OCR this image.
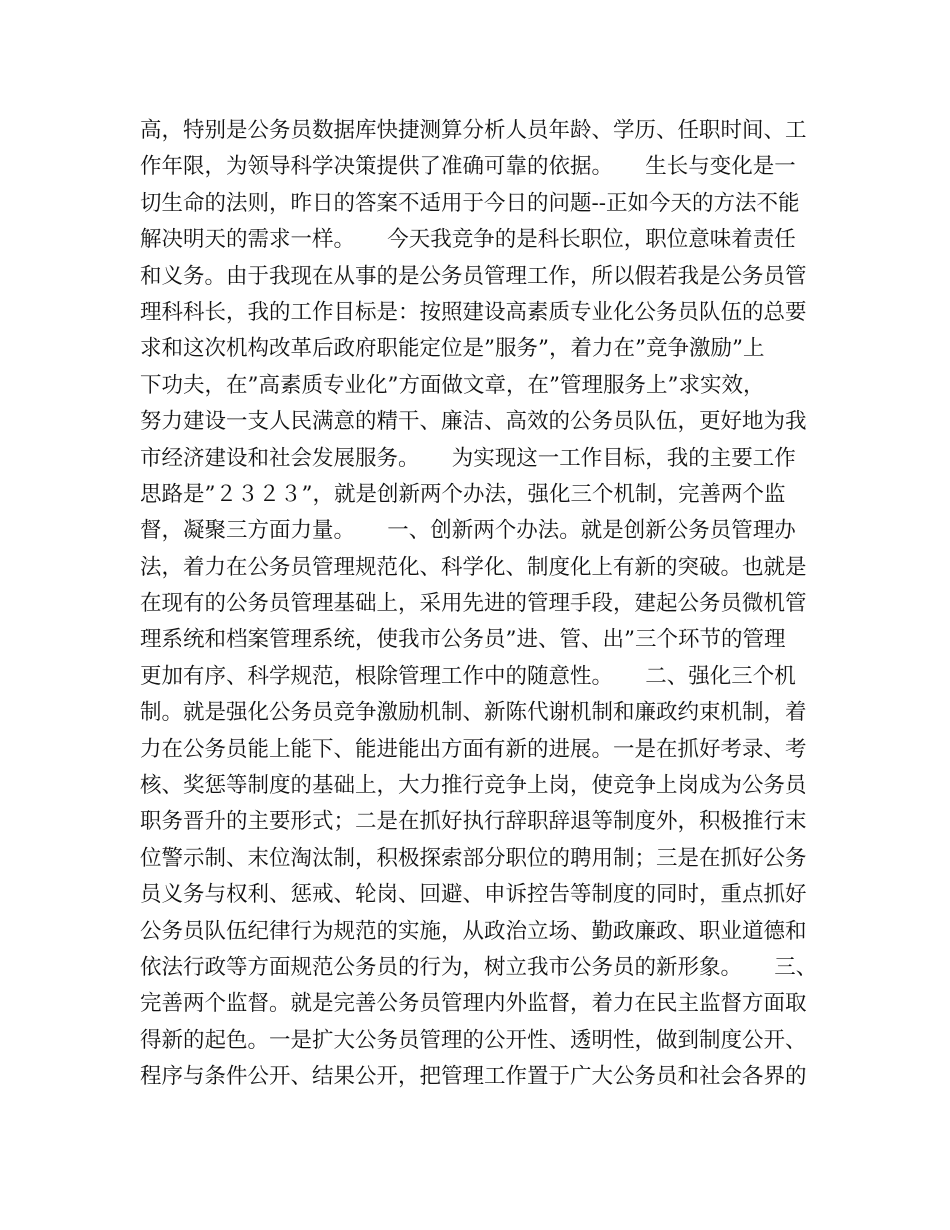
高，特别是公务员数据库快捷测算分析人员年龄、学历、任职时间、工
作年限，为领导科学决策提供了准确可靠的依据。　　生长与变化是一
切生命的法则，昨日的答案不适用于今日的问题--正如今天的方法不能
解决明天的需求一样。　　今天我竞争的是科长职位，职位意味着责任
和义务。由于我现在从事的是公务员管理工作，所以假若我是公务员管
理科科长，我的工作目标是：按照建设高素质专业化公务员队伍的总要
求和这次机构改革后政府职能定位是”服务”，着力在”竞争激励”上
下功夫，在”高素质专业化”方面做文章，在”管理服务上”求实效，
努力建设一支人民满意的精干、廉洁、高效的公务员队伍，更好地为我
市经济建设和社会发展服务。　　为实现这一工作目标，我的主要工作
思路是”２３２３”，就是创新两个办法，强化三个机制，完善两个监
督，凝聚三方面力量。　　一、创新两个办法。就是创新公务员管理办
法，着力在公务员管理规范化、科学化、制度化上有新的突破。也就是
在现有的公务员管理基础上，采用先进的管理手段，建起公务员微机管
理系统和档案管理系统，使我市公务员”进、管、出”三个环节的管理
更加有序、科学规范，根除管理工作中的随意性。　　二、强化三个机
制。就是强化公务员竞争激励机制、新陈代谢机制和廉政约束机制，着
力在公务员能上能下、能进能出方面有新的进展。一是在抓好考录、考
核、奖惩等制度的基础上，大力推行竞争上岗，使竞争上岗成为公务员
职务晋升的主要形式；二是在抓好执行辞职辞退等制度外，积极推行末
位警示制、末位淘汰制，积极探索部分职位的聘用制；三是在抓好公务
员义务与权利、惩戒、轮岗、回避、申诉控告等制度的同时，重点抓好
公务员队伍纪律行为规范的实施，从政治立场、勤政廉政、职业道德和
依法行政等方面规范公务员的行为，树立我市公务员的新形象。　　三、
完善两个监督。就是完善公务员管理内外监督，着力在民主监督方面取
得新的起色。一是扩大公务员管理的公开性、透明性，做到制度公开、
程序与条件公开、结果公开，把管理工作置于广大公务员和社会各界的
